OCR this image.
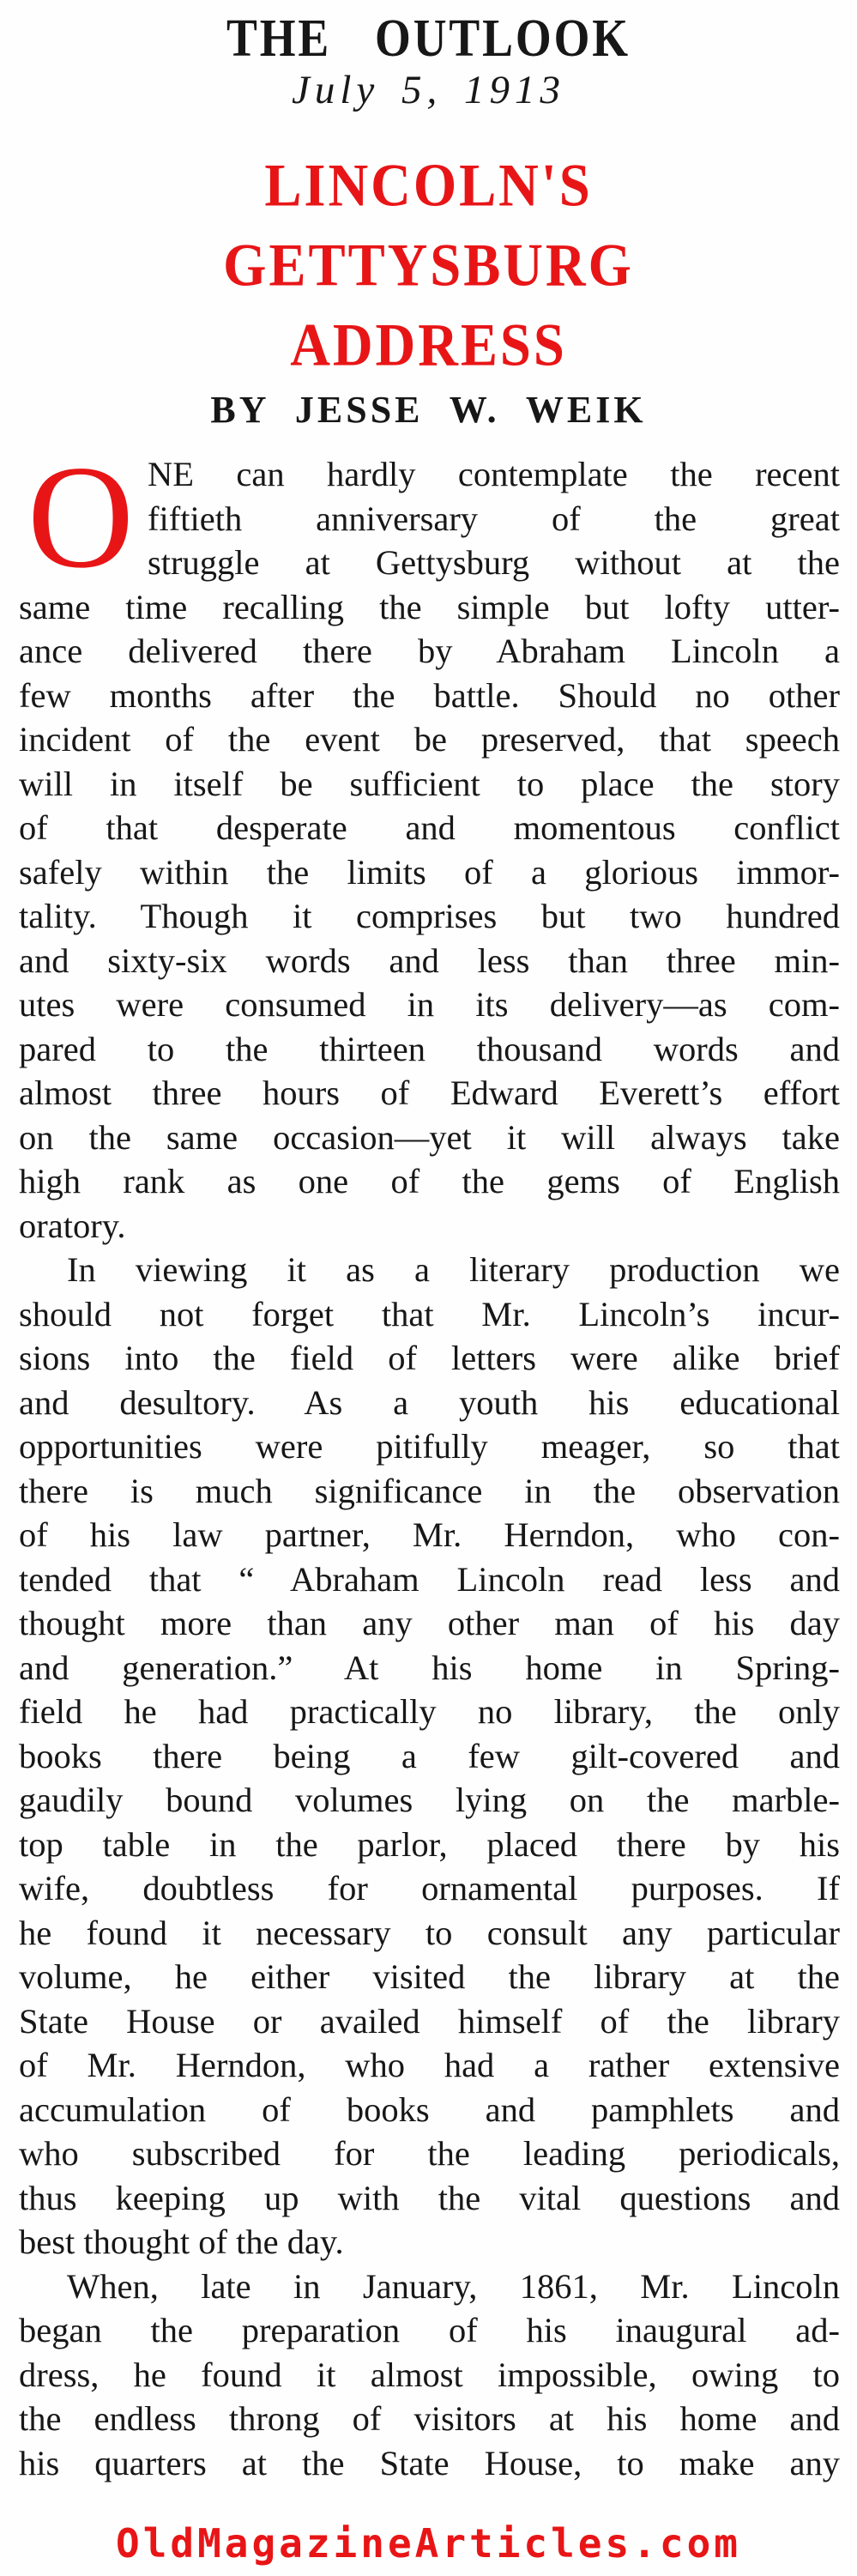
THE OUTLOOK
July 5, 1913
LINCOLN'S
GETTYSBURG
ADDRESS
BY JESSE W. WEIK
O NE can hardly contemplate the recent
fiftieth anniversary of the great
struggle at Gettysburg without at the
same time recalling the simple but lofty utter-
ance delivered there by Abraham Lincoln a
few months after the battle. Should no other
incident of the event be preserved, that speech
will in itself be sufficient to place the story
of that desperate and momentous conflict
safely within the limits of a glorious immor-
tality. Though it comprises but two hundred
and sixty-six words and less than three min-
utes were consumed in its delivery—as com-
pared to the thirteen thousand words and
almost three hours of Edward Everett’s effort
on the same occasion—yet it will always take
high rank as one of the gems of English
oratory.
In viewing it as a literary production we
should not forget that Mr. Lincoln’s incur-
sions into the field of letters were alike brief
and desultory. As a youth his educational
opportunities were pitifully meager, so that
there is much significance in the observation
of his law partner, Mr. Herndon, who con-
tended that “ Abraham Lincoln read less and
thought more than any other man of his day
and generation.” At his home in Spring-
field he had practically no library, the only
books there being a few gilt-covered and
gaudily bound volumes lying on the marble-
top table in the parlor, placed there by his
wife, doubtless for ornamental purposes. If
he found it necessary to consult any particular
volume, he either visited the library at the
State House or availed himself of the library
of Mr. Herndon, who had a rather extensive
accumulation of books and pamphlets and
who subscribed for the leading periodicals,
thus keeping up with the vital questions and
best thought of the day.
When, late in January, 1861, Mr. Lincoln
began the preparation of his inaugural ad-
dress, he found it almost impossible, owing to
the endless throng of visitors at his home and
his quarters at the State House, to make any
OldMagazineArticles.com
